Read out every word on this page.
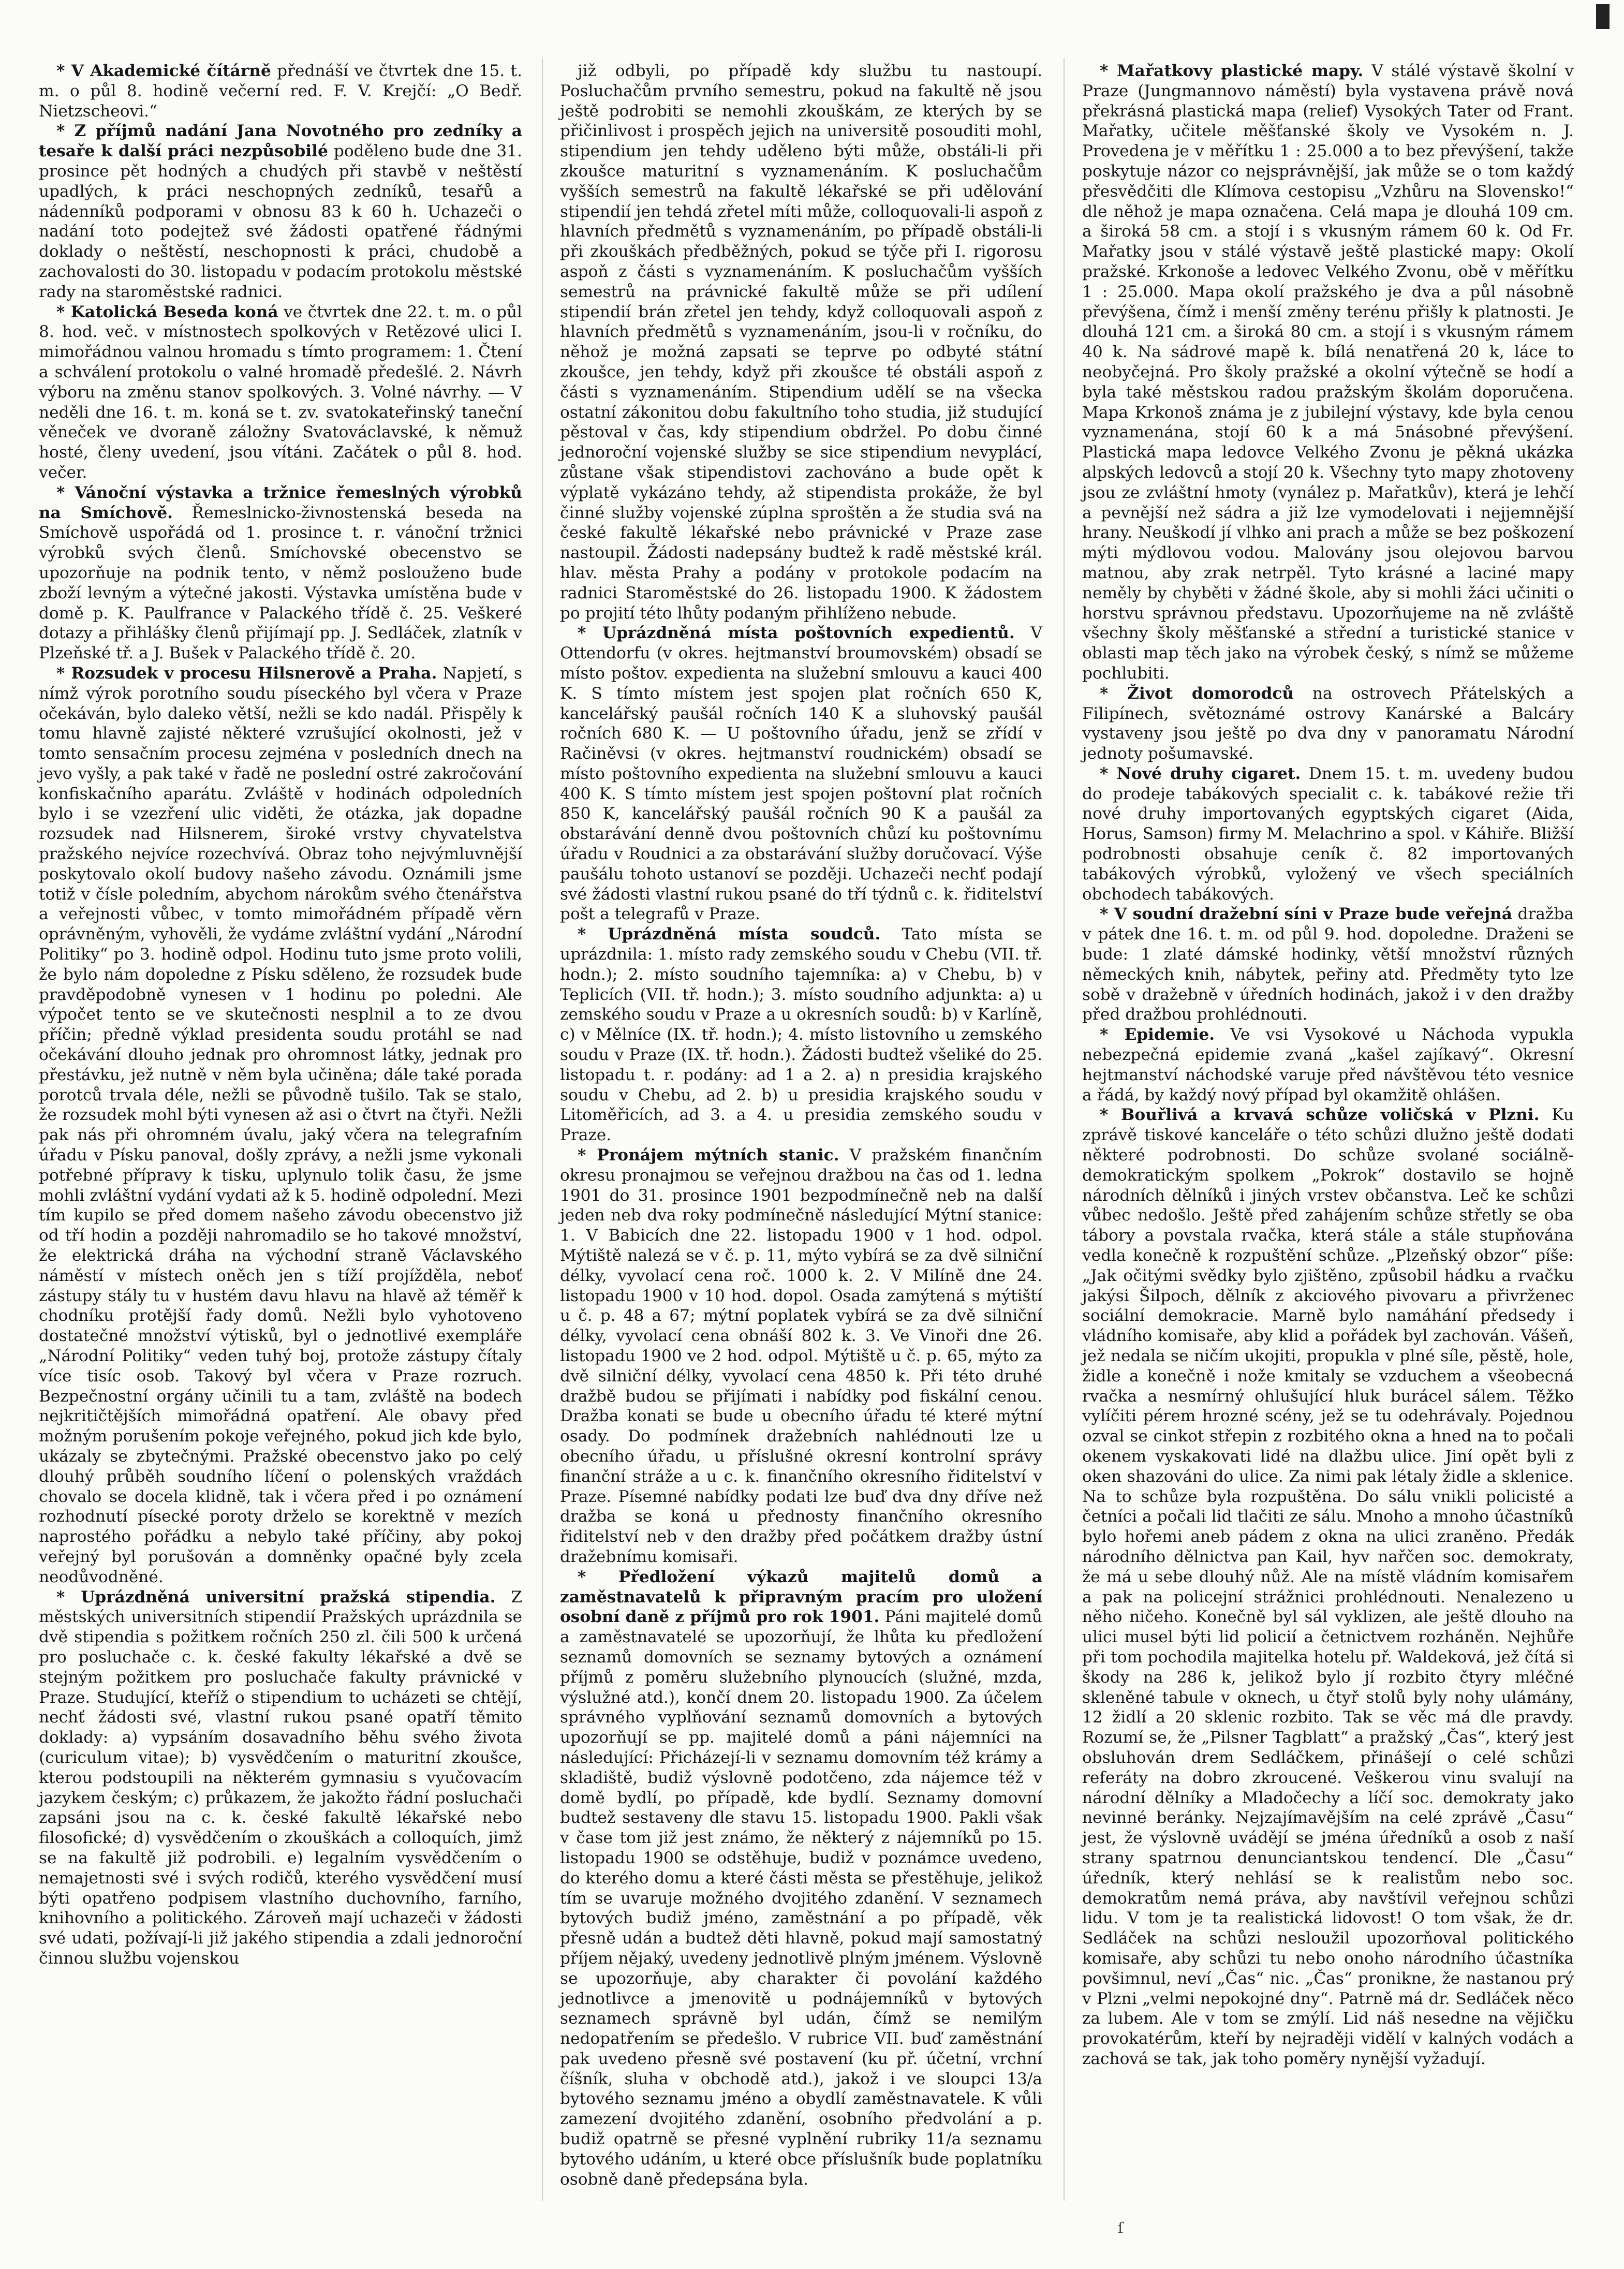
* V Akademické čítárně přednáší ve čtvrtek dne 15. t. m. o půl 8. hodině večerní red. F. V. Krejčí: „O Bedř. Nietzscheovi.“

* Z příjmů nadání Jana Novotného pro zedníky a tesaře k další práci nezpůsobilé poděleno bude dne 31. prosince pět hodných a chudých při stavbě v neštěstí upadlých, k práci neschopných zedníků, tesařů a nádenníků podporami v obnosu 83 k 60 h. Uchazeči o nadání toto podejtež své žádosti opatřené řádnými doklady o neštěstí, neschopnosti k práci, chudobě a zachovalosti do 30. listopadu v podacím protokolu městské rady na staroměstské radnici.

* Katolická Beseda koná ve čtvrtek dne 22. t. m. o půl 8. hod. več. v místnostech spolkových v Retězové ulici I. mimořádnou valnou hromadu s tímto programem: 1. Čtení a schválení protokolu o valné hromadě předešlé. 2. Návrh výboru na změnu stanov spolkových. 3. Volné návrhy. — V neděli dne 16. t. m. koná se t. zv. svatokateřinský taneční věneček ve dvoraně záložny Svatováclavské, k němuž hosté, členy uvedení, jsou vítáni. Začátek o půl 8. hod. večer.

* Vánoční výstavka a tržnice řemeslných výrobků na Smíchově. Řemeslnicko-živnostenská beseda na Smíchově uspořádá od 1. prosince t. r. vánoční tržnici výrobků svých členů. Smíchovské obecenstvo se upozorňuje na podnik tento, v němž poslouženo bude zboží levným a výtečné jakosti. Výstavka umístěna bude v domě p. K. Paulfrance v Palackého třídě č. 25. Veškeré dotazy a přihlášky členů přijímají pp. J. Sedláček, zlatník v Plzeňské tř. a J. Bušek v Palackého třídě č. 20.

* Rozsudek v procesu Hilsnerově a Praha. Napjetí, s nímž výrok porotního soudu píseckého byl včera v Praze očekáván, bylo daleko větší, nežli se kdo nadál. Přispěly k tomu hlavně zajisté některé vzrušující okolnosti, jež v tomto sensačním procesu zejména v posledních dnech na jevo vyšly, a pak také v řadě ne poslední ostré zakročování konfiskačního aparátu. Zvláště v hodinách odpoledních bylo i se vzezření ulic viděti, že otázka, jak dopadne rozsudek nad Hilsnerem, široké vrstvy chyvatelstva pražského nejvíce rozechvívá. Obraz toho nejvýmluvnější poskytovalo okolí budovy našeho závodu. Oznámili jsme totiž v čísle poledním, abychom nárokům svého čtenářstva a veřejnosti vůbec, v tomto mimořádném případě věrn oprávněným, vyhověli, že vydáme zvláštní vydání „Národní Politiky“ po 3. hodině odpol. Hodinu tuto jsme proto volili, že bylo nám dopoledne z Písku sděleno, že rozsudek bude pravděpodobně vynesen v 1 hodinu po poledni. Ale výpočet tento se ve skutečnosti nesplnil a to ze dvou příčin; předně výklad presidenta soudu protáhl se nad očekávání dlouho jednak pro ohromnost látky, jednak pro přestávku, jež nutně v něm byla učiněna; dále také porada porotců trvala déle, nežli se původně tušilo. Tak se stalo, že rozsudek mohl býti vynesen až asi o čtvrt na čtyři. Nežli pak nás při ohromném úvalu, jaký včera na telegrafním úřadu v Písku panoval, došly zprávy, a nežli jsme vykonali potřebné přípravy k tisku, uplynulo tolik času, že jsme mohli zvláštní vydání vydati až k 5. hodině odpolední. Mezi tím kupilo se před domem našeho závodu obecenstvo již od tří hodin a později nahromadilo se ho takové množství, že elektrická dráha na východní straně Václavského náměstí v místech oněch jen s tíží projížděla, neboť zástupy stály tu v hustém davu hlavu na hlavě až téměř k chodníku protější řady domů. Nežli bylo vyhotoveno dostatečné množství výtisků, byl o jednotlivé exempláře „Národní Politiky“ veden tuhý boj, protože zástupy čítaly více tisíc osob. Takový byl včera v Praze rozruch. Bezpečnostní orgány učinili tu a tam, zvláště na bodech nejkritičtějších mimořádná opatření. Ale obavy před možným porušením pokoje veřejného, pokud jich kde bylo, ukázaly se zbytečnými. Pražské obecenstvo jako po celý dlouhý průběh soudního líčení o polenských vraždách chovalo se docela klidně, tak i včera před i po oznámení rozhodnutí písecké poroty drželo se korektně v mezích naprostého pořádku a nebylo také příčiny, aby pokoj veřejný byl porušován a domněnky opačné byly zcela neodůvodněné.

* Uprázdněná universitní pražská stipendia. Z městských universitních stipendií Pražských uprázdnila se dvě stipendia s požitkem ročních 250 zl. čili 500 k určená pro posluchače c. k. české fakulty lékařské a dvě se stejným požitkem pro posluchače fakulty právnické v Praze. Studující, kteříž o stipendium to ucházeti se chtějí, nechť žádosti své, vlastní rukou psané opatří těmito doklady: a) vypsáním dosavadního běhu svého života (curiculum vitae); b) vysvědčením o maturitní zkoušce, kterou podstoupili na některém gymnasiu s vyučovacím jazykem českým; c) průkazem, že jakožto řádní posluchači zapsáni jsou na c. k. české fakultě lékařské nebo filosofické; d) vysvědčením o zkouškách a colloquích, jimž se na fakultě již podrobili. e) legalním vysvědčením o nemajetnosti své i svých rodičů, kterého vysvědčení musí býti opatřeno podpisem vlastního duchovního, farního, knihovního a politického. Zároveň mají uchazeči v žádosti své udati, požívají-li již jakého stipendia a zdali jednoroční činnou službu vojenskou

již odbyli, po případě kdy službu tu nastoupí. Posluchačům prvního semestru, pokud na fakultě ně jsou ještě podrobiti se nemohli zkouškám, ze kterých by se přičinlivost i prospěch jejich na universitě posouditi mohl, stipendium jen tehdy uděleno býti může, obstáli-li při zkoušce maturitní s vyznamenáním. K posluchačům vyšších semestrů na fakultě lékařské se při udělování stipendií jen tehdá zřetel míti může, colloquovali-li aspoň z hlavních předmětů s vyznamenáním, po případě obstáli-li při zkouškách předběžných, pokud se týče při I. rigorosu aspoň z části s vyznamenáním. K posluchačům vyšších semestrů na právnické fakultě může se při udílení stipendií brán zřetel jen tehdy, když colloquovali aspoň z hlavních předmětů s vyznamenáním, jsou-li v ročníku, do něhož je možná zapsati se teprve po odbyté státní zkoušce, jen tehdy, když při zkoušce té obstáli aspoň z části s vyznamenáním. Stipendium udělí se na všecka ostatní zákonitou dobu fakultního toho studia, již studující pěstoval v čas, kdy stipendium obdržel. Po dobu činné jednoroční vojenské služby se sice stipendium nevyplácí, zůstane však stipendistovi zachováno a bude opět k výplatě vykázáno tehdy, až stipendista prokáže, že byl činné služby vojenské zúplna sproštěn a že studia svá na české fakultě lékařské nebo právnické v Praze zase nastoupil. Žádosti nadepsány budtež k radě městské král. hlav. města Prahy a podány v protokole podacím na radnici Staroměstské do 26. listopadu 1900. K žádostem po projití této lhůty podaným přihlíženo nebude.

* Uprázdněná místa poštovních expedientů. V Ottendorfu (v okres. hejtmanství broumovském) obsadí se místo poštov. expedienta na služební smlouvu a kauci 400 K. S tímto místem jest spojen plat ročních 650 K, kancelářský paušál ročních 140 K a sluhovský paušál ročních 680 K. — U poštovního úřadu, jenž se zřídí v Račiněvsi (v okres. hejtmanství roudnickém) obsadí se místo poštovního expedienta na služební smlouvu a kauci 400 K. S tímto místem jest spojen poštovní plat ročních 850 K, kancelářský paušál ročních 90 K a paušál za obstarávání denně dvou poštovních chůzí ku poštovnímu úřadu v Roudnici a za obstarávání služby doručovací. Výše paušálu tohoto ustanoví se později. Uchazeči nechť podají své žádosti vlastní rukou psané do tří týdnů c. k. řiditelství pošt a telegrafů v Praze.

* Uprázdněná místa soudců. Tato místa se uprázdnila: 1. místo rady zemského soudu v Chebu (VII. tř. hodn.); 2. místo soudního tajemníka: a) v Chebu, b) v Teplicích (VII. tř. hodn.); 3. místo soudního adjunkta: a) u zemského soudu v Praze a u okresních soudů: b) v Karlíně, c) v Mělníce (IX. tř. hodn.); 4. místo listovního u zemského soudu v Praze (IX. tř. hodn.). Žádosti budtež všeliké do 25. listopadu t. r. podány: ad 1 a 2. a) n presidia krajského soudu v Chebu, ad 2. b) u presidia krajského soudu v Litoměřicích, ad 3. a 4. u presidia zemského soudu v Praze.

* Pronájem mýtních stanic. V pražském finančním okresu pronajmou se veřejnou dražbou na čas od 1. ledna 1901 do 31. prosince 1901 bezpodmínečně neb na další jeden neb dva roky podmínečně následující Mýtní stanice: 1. V Babicích dne 22. listopadu 1900 v 1 hod. odpol. Mýtiště nalezá se v č. p. 11, mýto vybírá se za dvě silniční délky, vyvolací cena roč. 1000 k. 2. V Milíně dne 24. listopadu 1900 v 10 hod. dopol. Osada zamýtená s mýtiští u č. p. 48 a 67; mýtní poplatek vybírá se za dvě silniční délky, vyvolací cena obnáší 802 k. 3. Ve Vinoři dne 26. listopadu 1900 ve 2 hod. odpol. Mýtiště u č. p. 65, mýto za dvě silniční délky, vyvolací cena 4850 k. Při této druhé dražbě budou se přijímati i nabídky pod fiskální cenou. Dražba konati se bude u obecního úřadu té které mýtní osady. Do podmínek dražebních nahlédnouti lze u obecního úřadu, u příslušné okresní kontrolní správy finanční stráže a u c. k. finančního okresního řiditelství v Praze. Písemné nabídky podati lze buď dva dny dříve než dražba se koná u přednosty finančního okresního řiditelství neb v den dražby před počátkem dražby ústní dražebnímu komisaři.

* Předložení výkazů majitelů domů a zaměstnavatelů k připravným pracím pro uložení osobní daně z příjmů pro rok 1901. Páni majitelé domů a zaměstnavatelé se upozorňují, že lhůta ku předložení seznamů domovních se seznamy bytových a oznámení příjmů z poměru služebního plynoucích (služné, mzda, výslužné atd.), končí dnem 20. listopadu 1900. Za účelem správného vyplňování seznamů domovních a bytových upozorňují se pp. majitelé domů a páni nájemníci na následující: Přicházejí-li v seznamu domovním též krámy a skladiště, budiž výslovně podotčeno, zda nájemce též v domě bydlí, po případě, kde bydlí. Seznamy domovní budtež sestaveny dle stavu 15. listopadu 1900. Pakli však v čase tom již jest známo, že některý z nájemníků po 15. listopadu 1900 se odstěhuje, budiž v poznámce uvedeno, do kterého domu a které části města se přestěhuje, jelikož tím se uvaruje možného dvojitého zdanění. V seznamech bytových budiž jméno, zaměstnání a po případě, věk přesně udán a budtež děti hlavně, pokud mají samostatný příjem nějaký, uvedeny jednotlivě plným jménem. Výslovně se upozorňuje, aby charakter či povolání každého jednotlivce a jmenovitě u podnájemníků v bytových seznamech správně byl udán, čímž se nemilým nedopatřením se předešlo. V rubrice VII. buď zaměstnání pak uvedeno přesně své postavení (ku př. účetní, vrchní číšník, sluha v obchodě atd.), jakož i ve sloupci 13/a bytového seznamu jméno a obydlí zaměstnavatele. K vůli zamezení dvojitého zdanění, osobního předvolání a p. budiž opatrně se přesné vyplnění rubriky 11/a seznamu bytového udáním, u které obce příslušník bude poplatníku osobně daně předepsána byla.

* Mařatkovy plastické mapy. V stálé výstavě školní v Praze (Jungmannovo náměstí) byla vystavena právě nová překrásná plastická mapa (relief) Vysokých Tater od Frant. Mařatky, učitele měšťanské školy ve Vysokém n. J. Provedena je v měřítku 1 : 25.000 a to bez převýšení, takže poskytuje názor co nejsprávnější, jak může se o tom každý přesvědčiti dle Klímova cestopisu „Vzhůru na Slovensko!“ dle něhož je mapa označena. Celá mapa je dlouhá 109 cm. a široká 58 cm. a stojí i s vkusným rámem 60 k. Od Fr. Mařatky jsou v stálé výstavě ještě plastické mapy: Okolí pražské. Krkonoše a ledovec Velkého Zvonu, obě v měřítku 1 : 25.000. Mapa okolí pražského je dva a půl násobně převýšena, čímž i menší změny terénu přišly k platnosti. Je dlouhá 121 cm. a široká 80 cm. a stojí i s vkusným rámem 40 k. Na sádrové mapě k. bílá nenatřená 20 k, láce to neobyčejná. Pro školy pražské a okolní výtečně se hodí a byla také městskou radou pražským školám doporučena. Mapa Krkonoš známa je z jubilejní výstavy, kde byla cenou vyznamenána, stojí 60 k a má 5násobné převýšení. Plastická mapa ledovce Velkého Zvonu je pěkná ukázka alpských ledovců a stojí 20 k. Všechny tyto mapy zhotoveny jsou ze zvláštní hmoty (vynález p. Mařatkův), která je lehčí a pevnější než sádra a již lze vymodelovati i nejjemnější hrany. Neuškodí jí vlhko ani prach a může se bez poškození mýti mýdlovou vodou. Malovány jsou olejovou barvou matnou, aby zrak netrpěl. Tyto krásné a laciné mapy neměly by chyběti v žádné škole, aby si mohli žáci učiniti o horstvu správnou představu. Upozorňujeme na ně zvláště všechny školy měšťanské a střední a turistické stanice v oblasti map těch jako na výrobek český, s nímž se můžeme pochlubiti.

* Život domorodců na ostrovech Přátelských a Filipínech, světoznámé ostrovy Kanárské a Balcáry vystaveny jsou ještě po dva dny v panoramatu Národní jednoty pošumavské.

* Nové druhy cigaret. Dnem 15. t. m. uvedeny budou do prodeje tabákových specialit c. k. tabákové režie tři nové druhy importovaných egyptských cigaret (Aida, Horus, Samson) firmy M. Melachrino a spol. v Káhiře. Bližší podrobnosti obsahuje ceník č. 82 importovaných tabákových výrobků, vyložený ve všech speciálních obchodech tabákových.

* V soudní dražební síni v Praze bude veřejná dražba v pátek dne 16. t. m. od půl 9. hod. dopoledne. Draženi se bude: 1 zlaté dámské hodinky, větší množství různých německých knih, nábytek, peřiny atd. Předměty tyto lze sobě v dražebně v úředních hodinách, jakož i v den dražby před dražbou prohlédnouti.

* Epidemie. Ve vsi Vysokové u Náchoda vypukla nebezpečná epidemie zvaná „kašel zajíkavý“. Okresní hejtmanství náchodské varuje před návštěvou této vesnice a řádá, by každý nový případ byl okamžitě ohlášen.

* Bouřlivá a krvavá schůze voličská v Plzni. Ku zprávě tiskové kanceláře o této schůzi dlužno ještě dodati některé podrobnosti. Do schůze svolané sociálně-demokratickým spolkem „Pokrok“ dostavilo se hojně národních dělníků i jiných vrstev občanstva. Leč ke schůzi vůbec nedošlo. Ještě před zahájením schůze střetly se oba tábory a povstala rvačka, která stále a stále stupňována vedla konečně k rozpuštění schůze. „Plzeňský obzor“ píše: „Jak očitými svědky bylo zjištěno, způsobil hádku a rvačku jakýsi Šilpoch, dělník z akciového pivovaru a přivrženec sociální demokracie. Marně bylo namáhání předsedy i vládního komisaře, aby klid a pořádek byl zachován. Vášeň, jež nedala se ničím ukojiti, propukla v plné síle, pěstě, hole, židle a konečně i nože kmitaly se vzduchem a všeobecná rvačka a nesmírný ohlušující hluk burácel sálem. Těžko vylíčiti pérem hrozné scény, jež se tu odehrávaly. Pojednou ozval se cinkot střepin z rozbitého okna a hned na to počali okenem vyskakovati lidé na dlažbu ulice. Jiní opět byli z oken shazováni do ulice. Za nimi pak létaly židle a sklenice. Na to schůze byla rozpuštěna. Do sálu vnikli policisté a četníci a počali lid tlačiti ze sálu. Mnoho a mnoho účastníků bylo hořemi aneb pádem z okna na ulici zraněno. Předák národního dělnictva pan Kail, hyv nařčen soc. demokraty, že má u sebe dlouhý nůž. Ale na místě vládním komisařem a pak na policejní strážnici prohlédnouti. Nenalezeno u něho ničeho. Konečně byl sál vyklizen, ale ještě dlouho na ulici musel býti lid policií a četnictvem rozháněn. Nejhůře při tom pochodila majitelka hotelu př. Waldeková, jež čítá si škody na 286 k, jelikož bylo jí rozbito čtyry mléčné skleněné tabule v oknech, u čtyř stolů byly nohy ulámány, 12 židlí a 20 sklenic rozbito. Tak se věc má dle pravdy. Rozumí se, že „Pilsner Tagblatt“ a pražský „Čas“, který jest obsluhován drem Sedláčkem, přinášejí o celé schůzi referáty na dobro zkroucené. Veškerou vinu svalují na národní dělníky a Mladočechy a líčí soc. demokraty jako nevinné beránky. Nejzajímavějším na celé zprávě „Času“ jest, že výslovně uvádějí se jména úředníků a osob z naší strany spatrnou denunciantskou tendencí. Dle „Času“ úředník, který nehlásí se k realistům nebo soc. demokratům nemá práva, aby navštívil veřejnou schůzi lidu. V tom je ta realistická lidovost! O tom však, že dr. Sedláček na schůzi nesloužil upozorňoval politického komisaře, aby schůzi tu nebo onoho národního účastníka povšimnul, neví „Čas“ nic. „Čas“ pronikne, že nastanou prý v Plzni „velmi nepokojné dny“. Patrně má dr. Sedláček něco za lubem. Ale v tom se zmýlí. Lid náš nesedne na vějičku provokatérům, kteří by nejraději vidělí v kalných vodách a zachová se tak, jak toho poměry nynější vyžadují.

ſ
